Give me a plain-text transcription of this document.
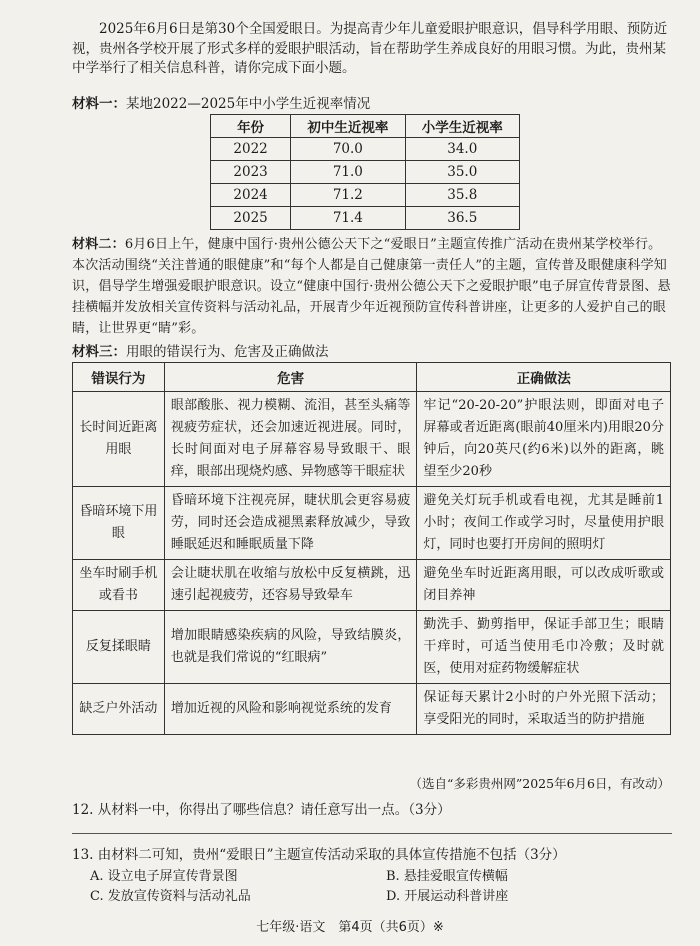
2025年6月6日是第30个全国爱眼日。为提高青少年儿童爱眼护眼意识，倡导科学用眼、预防近视，贵州各学校开展了形式多样的爱眼护眼活动，旨在帮助学生养成良好的用眼习惯。为此，贵州某中学举行了相关信息科普，请你完成下面小题。

材料一：某地2022—2025年中小学生近视率情况
年份	初中生近视率	小学生近视率
2022	70.0	34.0
2023	71.0	35.0
2024	71.2	35.8
2025	71.4	36.5

材料二：6月6日上午，健康中国行·贵州公德公天下之“爱眼日”主题宣传推广活动在贵州某学校举行。本次活动围绕“关注普通的眼健康”和“每个人都是自己健康第一责任人”的主题，宣传普及眼健康科学知识，倡导学生增强爱眼护眼意识。设立“健康中国行·贵州公德公天下之爱眼护眼”电子屏宣传背景图、悬挂横幅并发放相关宣传资料与活动礼品，开展青少年近视预防宣传科普讲座，让更多的人爱护自己的眼睛，让世界更“睛”彩。

材料三：用眼的错误行为、危害及正确做法
错误行为	危害	正确做法
长时间近距离用眼	眼部酸胀、视力模糊、流泪，甚至头痛等视疲劳症状，还会加速近视进展。同时，长时间面对电子屏幕容易导致眼干、眼痒，眼部出现烧灼感、异物感等干眼症状	牢记“20-20-20”护眼法则，即面对电子屏幕或者近距离(眼前40厘米内)用眼20分钟后，向20英尺(约6米)以外的距离，眺望至少20秒
昏暗环境下用眼	昏暗环境下注视亮屏，睫状肌会更容易疲劳，同时还会造成褪黑素释放减少，导致睡眠延迟和睡眠质量下降	避免关灯玩手机或看电视，尤其是睡前1小时；夜间工作或学习时，尽量使用护眼灯，同时也要打开房间的照明灯
坐车时刷手机或看书	会让睫状肌在收缩与放松中反复横跳，迅速引起视疲劳，还容易导致晕车	避免坐车时近距离用眼，可以改成听歌或闭目养神
反复揉眼睛	增加眼睛感染疾病的风险，导致结膜炎，也就是我们常说的“红眼病”	勤洗手、勤剪指甲，保证手部卫生；眼睛干痒时，可适当使用毛巾冷敷；及时就医，使用对症药物缓解症状
缺乏户外活动	增加近视的风险和影响视觉系统的发育	保证每天累计2小时的户外光照下活动；享受阳光的同时，采取适当的防护措施
（选自“多彩贵州网”2025年6月6日，有改动）
12. 从材料一中，你得出了哪些信息？请任意写出一点。（3分）
13. 由材料二可知，贵州“爱眼日”主题宣传活动采取的具体宣传措施不包括（3分）
A. 设立电子屏宣传背景图	B. 悬挂爱眼宣传横幅
C. 发放宣传资料与活动礼品	D. 开展运动科普讲座
七年级·语文　第4页（共6页）※
